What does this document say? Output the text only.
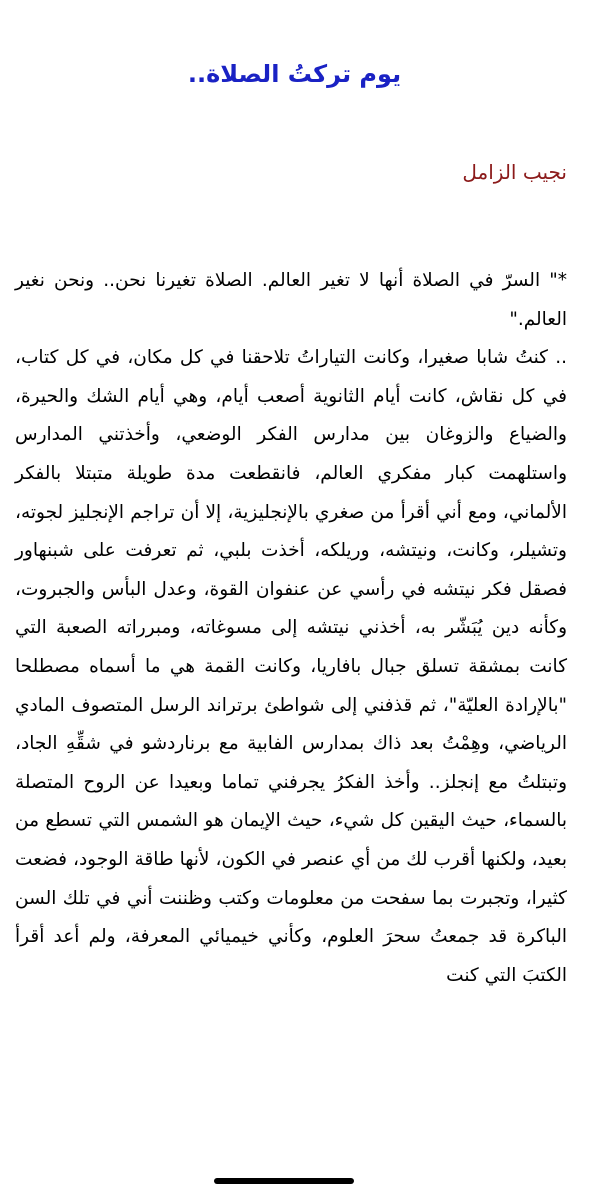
يوم تركتُ الصلاة..
نجيب الزامل

*" السرّ في الصلاة أنها لا تغير العالم. الصلاة تغيرنا نحن.. ونحن نغير العالم."

.. كنتُ شابا صغيرا، وكانت التياراتُ تلاحقنا في كل مكان، في كل كتاب، في كل نقاش، كانت أيام الثانوية أصعب أيام، وهي أيام الشك والحيرة، والضياع والزوغان بين مدارس الفكر الوضعي، وأخذتني المدارس واستلهمت كبار مفكري العالم، فانقطعت مدة طويلة متبتلا بالفكر الألماني، ومع أني أقرأ من صغري بالإنجليزية، إلا أن تراجم الإنجليز لجوته، وتشيلر، وكانت، ونيتشه، وريلكه، أخذت بلبي، ثم تعرفت على شبنهاور فصقل فكر نيتشه في رأسي عن عنفوان القوة، وعدل البأس والجبروت، وكأنه دين يُبَشّر به، أخذني نيتشه إلى مسوغاته، ومبرراته الصعبة التي كانت بمشقة تسلق جبال بافاريا، وكانت القمة هي ما أسماه مصطلحا "بالإرادة العليّة"، ثم قذفني إلى شواطئ برتراند الرسل المتصوف المادي الرياضي، وهِمْتُ بعد ذاك بمدارس الفابية مع برناردشو في شقِّهِ الجاد، وتبتلتُ مع إنجلز.. وأخذ الفكرُ يجرفني تماما وبعيدا عن الروح المتصلة بالسماء، حيث اليقين كل شيء، حيث الإيمان هو الشمس التي تسطع من بعيد، ولكنها أقرب لك من أي عنصر في الكون، لأنها طاقة الوجود، فضعت كثيرا، وتجبرت بما سفحت من معلومات وكتب وظننت أني في تلك السن الباكرة قد جمعتُ سحرَ العلوم، وكأني خيميائي المعرفة، ولم أعد أقرأ الكتبَ التي كنت
